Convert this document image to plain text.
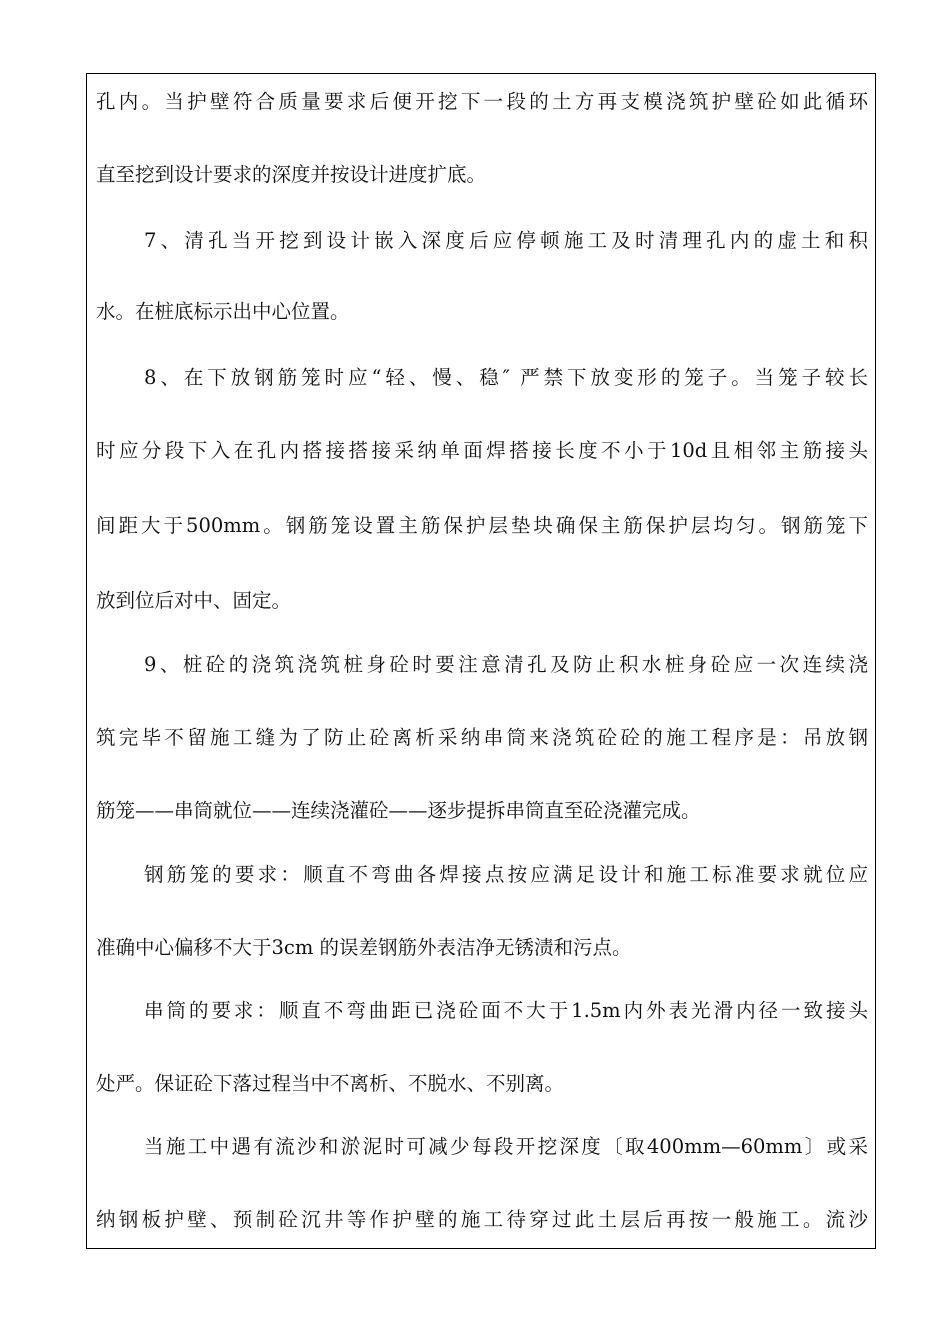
孔内。当护壁符合质量要求后便开挖下一段的土方再支模浇筑护壁砼如此循环
直至挖到设计要求的深度并按设计进度扩底。
7、清孔当开挖到设计嵌入深度后应停顿施工及时清理孔内的虚土和积
水。在桩底标示出中心位置。
8、在下放钢筋笼时应“轻、慢、稳″ 严禁下放变形的笼子。当笼子较长
时应分段下入在孔内搭接搭接采纳单面焊搭接长度不小于10d且相邻主筋接头
间距大于500mm。钢筋笼设置主筋保护层垫块确保主筋保护层均匀。钢筋笼下
放到位后对中、固定。
9、桩砼的浇筑浇筑桩身砼时要注意清孔及防止积水桩身砼应一次连续浇
筑完毕不留施工缝为了防止砼离析采纳串筒来浇筑砼砼的施工程序是：吊放钢
筋笼——串筒就位——连续浇灌砼——逐步提拆串筒直至砼浇灌完成。
钢筋笼的要求：顺直不弯曲各焊接点按应满足设计和施工标准要求就位应
准确中心偏移不大于3cm 的误差钢筋外表洁净无锈渍和污点。
串筒的要求：顺直不弯曲距已浇砼面不大于1.5m内外表光滑内径一致接头
处严。保证砼下落过程当中不离析、不脱水、不别离。
当施工中遇有流沙和淤泥时可减少每段开挖深度〔取400mm—60mm〕或采
纳钢板护壁、预制砼沉井等作护壁的施工待穿过此土层后再按一般施工。流沙
